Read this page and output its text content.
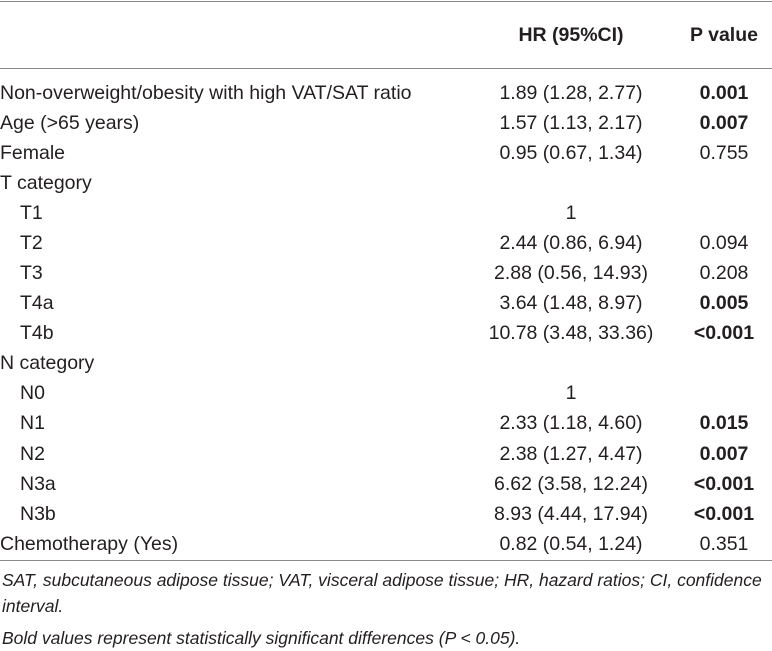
	HR (95%CI)	P value
Non-overweight/obesity with high VAT/SAT ratio	1.89 (1.28, 2.77)	0.001
Age (>65 years)	1.57 (1.13, 2.17)	0.007
Female	0.95 (0.67, 1.34)	0.755
T category		
T1	1	
T2	2.44 (0.86, 6.94)	0.094
T3	2.88 (0.56, 14.93)	0.208
T4a	3.64 (1.48, 8.97)	0.005
T4b	10.78 (3.48, 33.36)	<0.001
N category		
N0	1	
N1	2.33 (1.18, 4.60)	0.015
N2	2.38 (1.27, 4.47)	0.007
N3a	6.62 (3.58, 12.24)	<0.001
N3b	8.93 (4.44, 17.94)	<0.001
Chemotherapy (Yes)	0.82 (0.54, 1.24)	0.351

SAT, subcutaneous adipose tissue; VAT, visceral adipose tissue; HR, hazard ratios; CI, confidence interval.

Bold values represent statistically significant differences (P < 0.05).
